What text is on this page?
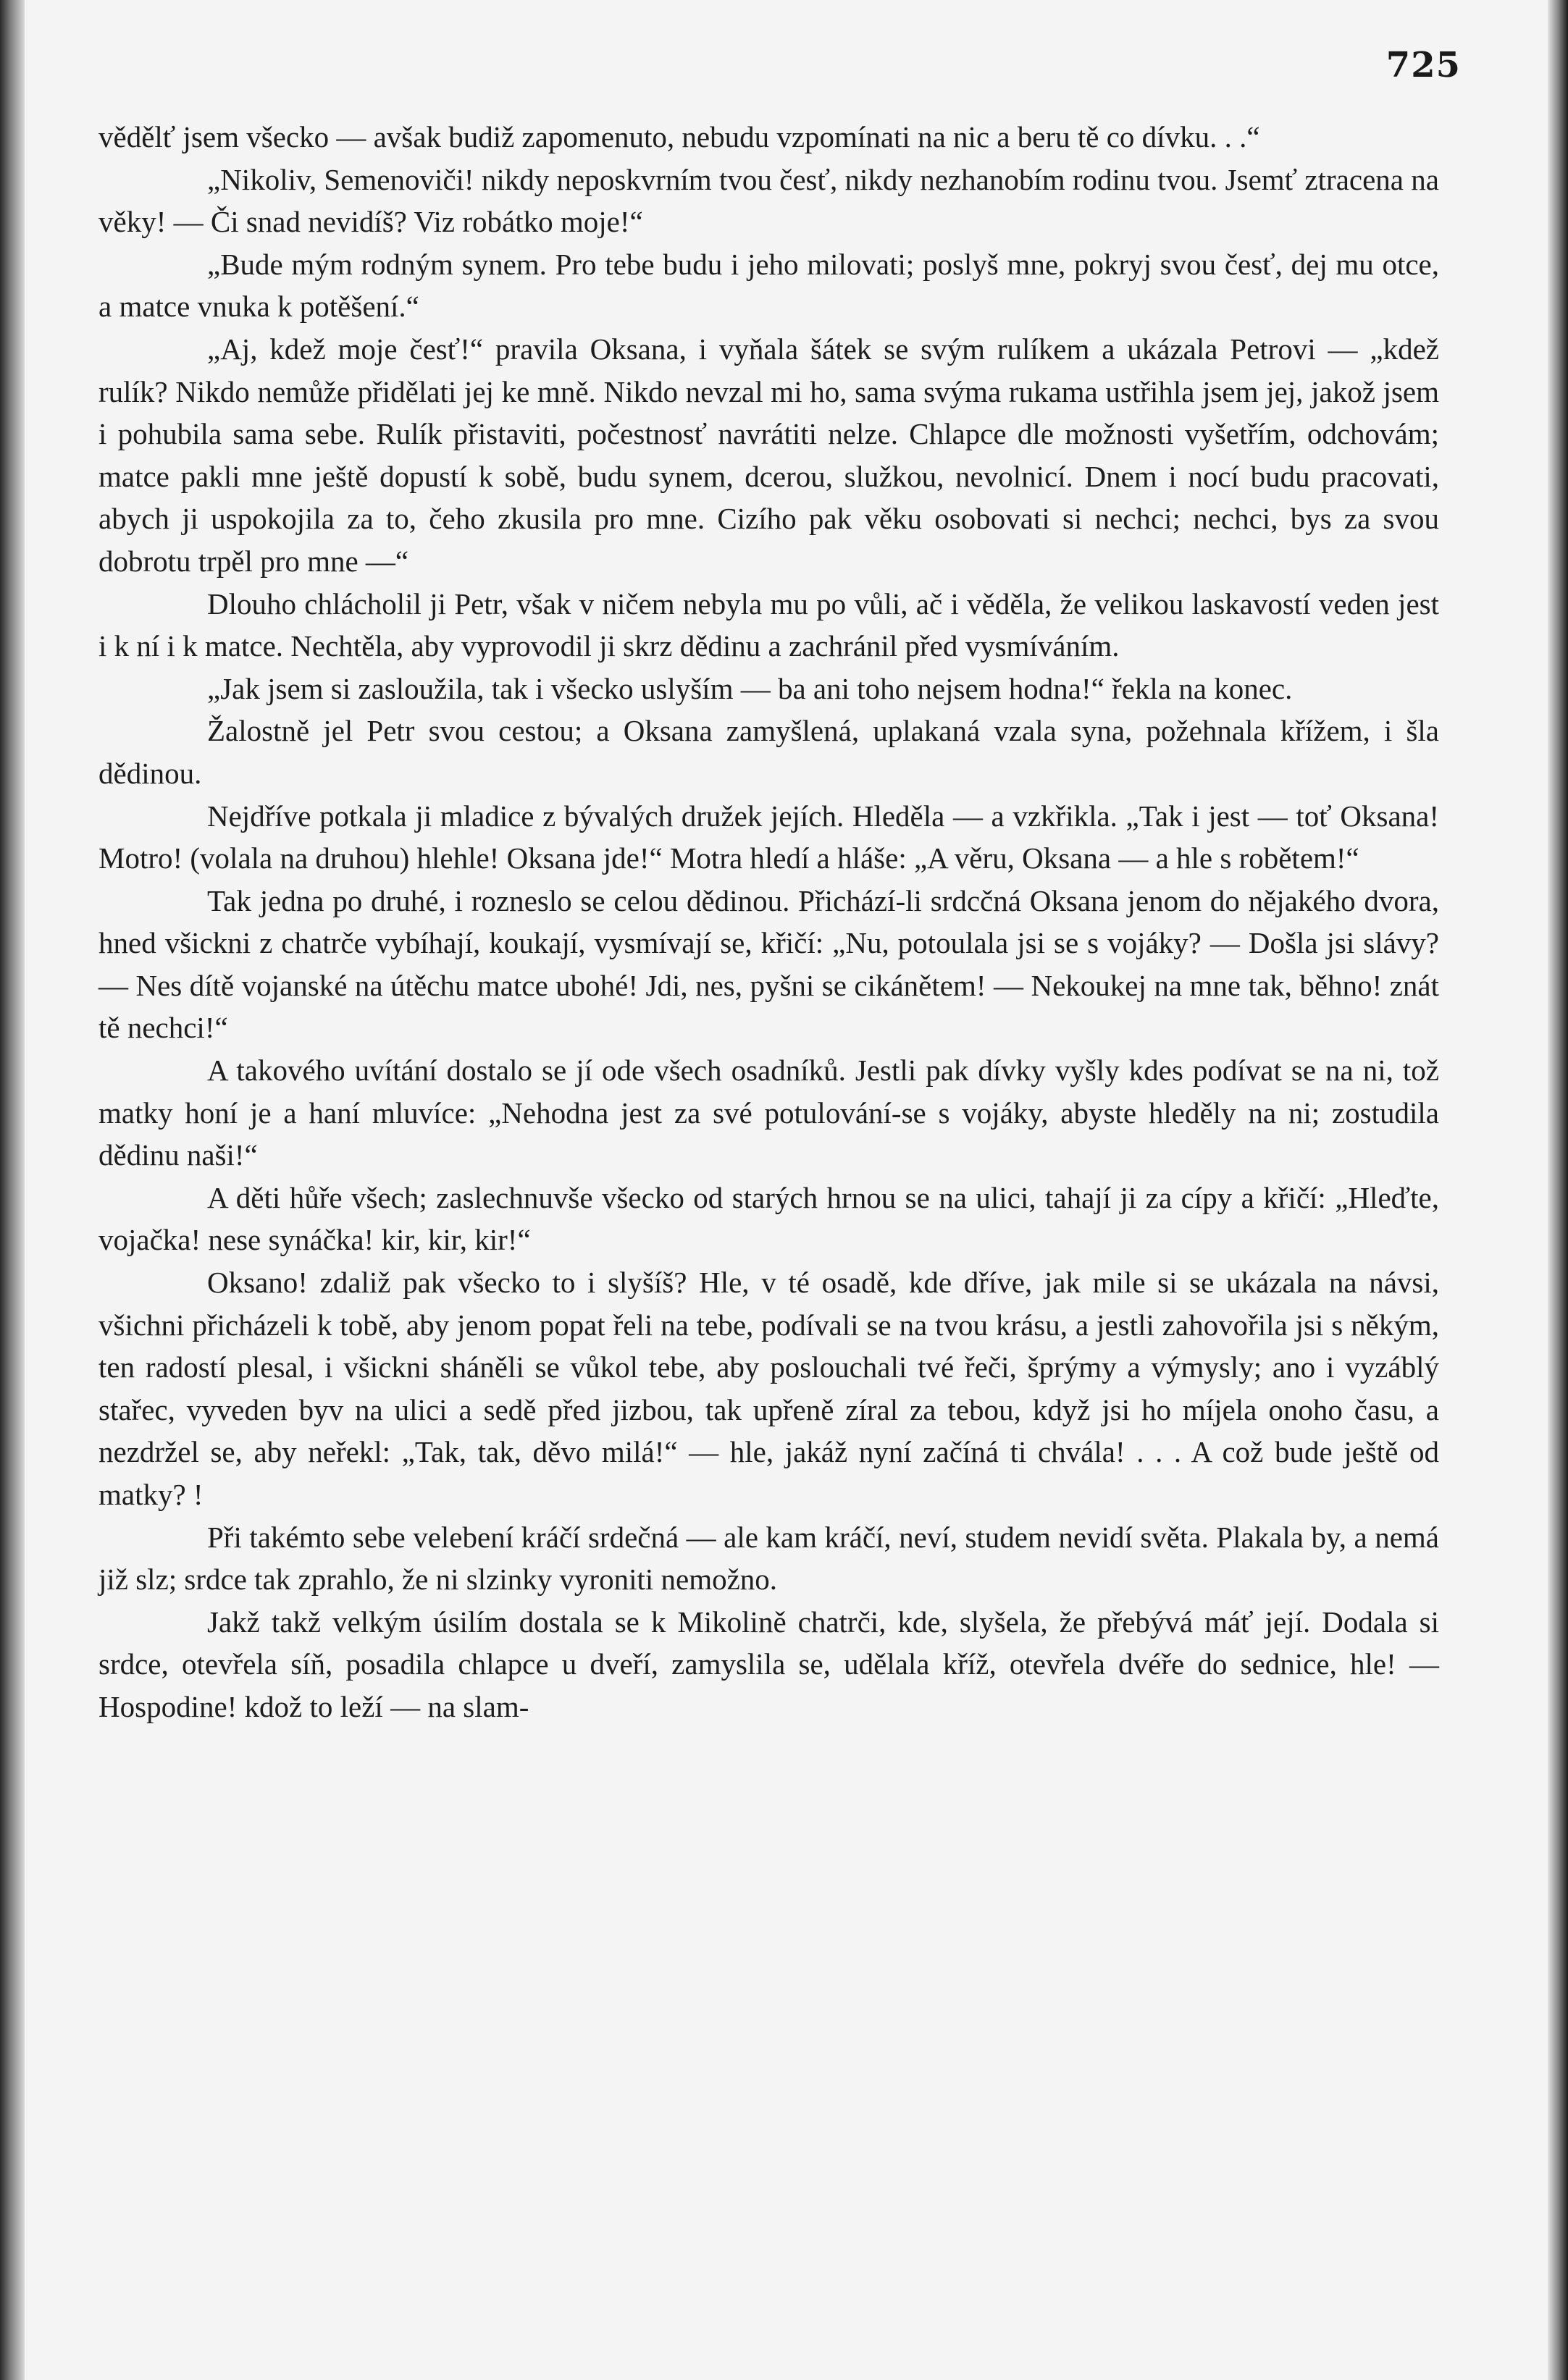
725

vědělť jsem všecko — avšak budiž zapomenuto, nebudu vzpomínati na nic a beru tě co dívku. . .“

„Nikoliv, Semenoviči! nikdy neposkvrním tvou česť, nikdy nezhanobím rodinu tvou. Jsemť ztracena na věky! — Či snad nevidíš? Viz robátko moje!“

„Bude mým rodným synem. Pro tebe budu i jeho milovati; poslyš mne, pokryj svou česť, dej mu otce, a matce vnuka k potěšení.“

„Aj, kdež moje česť!“ pravila Oksana, i vyňala šátek se svým rulíkem a ukázala Petrovi — „kdež rulík? Nikdo nemůže přidělati jej ke mně. Nikdo nevzal mi ho, sama svýma rukama ustřihla jsem jej, jakož jsem i pohubila sama sebe. Rulík přistaviti, počestnosť navrátiti nelze. Chlapce dle možnosti vyšetřím, odchovám; matce pakli mne ještě dopustí k sobě, budu synem, dcerou, služkou, nevolnicí. Dnem i nocí budu pracovati, abych ji uspokojila za to, čeho zkusila pro mne. Cizího pak věku osobovati si nechci; nechci, bys za svou dobrotu trpěl pro mne —“

Dlouho chlácholil ji Petr, však v ničem nebyla mu po vůli, ač i věděla, že velikou laskavostí veden jest i k ní i k matce. Nechtěla, aby vyprovodil ji skrz dědinu a zachránil před vysmíváním.

„Jak jsem si zasloužila, tak i všecko uslyším — ba ani toho nejsem hodna!“ řekla na konec.

Žalostně jel Petr svou cestou; a Oksana zamyšlená, uplakaná vzala syna, požehnala křížem, i šla dědinou.

Nejdříve potkala ji mladice z bývalých družek jejích. Hleděla — a vzkřikla. „Tak i jest — toť Oksana! Motro! (volala na druhou) hlehle! Oksana jde!“ Motra hledí a hláše: „A věru, Oksana — a hle s robětem!“

Tak jedna po druhé, i rozneslo se celou dědinou. Přichází-li srdcčná Oksana jenom do nějakého dvora, hned všickni z chatrče vybíhají, koukají, vysmívají se, křičí: „Nu, potoulala jsi se s vojáky? — Došla jsi slávy? — Nes dítě vojanské na útěchu matce ubohé! Jdi, nes, pyšni se cikánětem! — Nekoukej na mne tak, běhno! znát tě nechci!“

A takového uvítání dostalo se jí ode všech osadníků. Jestli pak dívky vyšly kdes podívat se na ni, tož matky honí je a haní mluvíce: „Nehodna jest za své potulování-se s vojáky, abyste hleděly na ni; zostudila dědinu naši!“

A děti hůře všech; zaslechnuvše všecko od starých hrnou se na ulici, tahají ji za cípy a křičí: „Hleďte, vojačka! nese synáčka! kir, kir, kir!“

Oksano! zdaliž pak všecko to i slyšíš? Hle, v té osadě, kde dříve, jak mile si se ukázala na návsi, všichni přicházeli k tobě, aby jenom popat řeli na tebe, podívali se na tvou krásu, a jestli zahovořila jsi s někým, ten radostí plesal, i všickni sháněli se vůkol tebe, aby poslouchali tvé řeči, šprýmy a výmysly; ano i vyzáblý stařec, vyveden byv na ulici a sedě před jizbou, tak upřeně zíral za tebou, když jsi ho míjela onoho času, a nezdržel se, aby neřekl: „Tak, tak, děvo milá!“ — hle, jakáž nyní začíná ti chvála! . . . A což bude ještě od matky? !

Při takémto sebe velebení kráčí srdečná — ale kam kráčí, neví, studem nevidí světa. Plakala by, a nemá již slz; srdce tak zprahlo, že ni slzinky vyroniti nemožno.

Jakž takž velkým úsilím dostala se k Mikolině chatrči, kde, slyšela, že přebývá máť její. Dodala si srdce, otevřela síň, posadila chlapce u dveří, zamyslila se, udělala kříž, otevřela dvéře do sednice, hle! — Hospodine! kdož to leží — na slam-
